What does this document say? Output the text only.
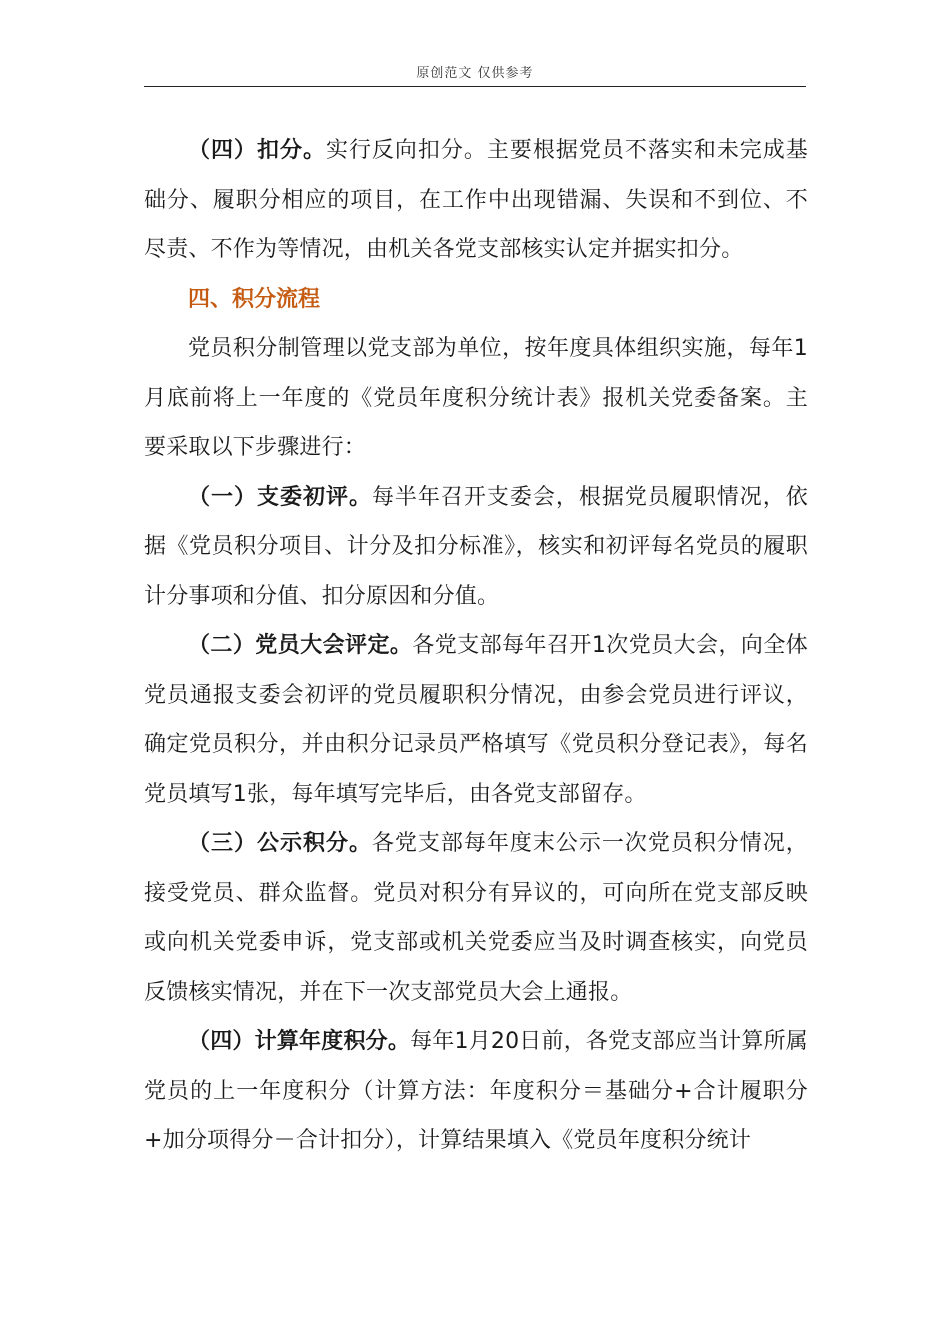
原创范文 仅供参考

（四）扣分。实行反向扣分。主要根据党员不落实和未完成基础分、履职分相应的项目，在工作中出现错漏、失误和不到位、不尽责、不作为等情况，由机关各党支部核实认定并据实扣分。

四、积分流程

党员积分制管理以党支部为单位，按年度具体组织实施，每年1月底前将上一年度的《党员年度积分统计表》报机关党委备案。主要采取以下步骤进行：

（一）支委初评。每半年召开支委会，根据党员履职情况，依据《党员积分项目、计分及扣分标准》，核实和初评每名党员的履职计分事项和分值、扣分原因和分值。

（二）党员大会评定。各党支部每年召开1次党员大会，向全体党员通报支委会初评的党员履职积分情况，由参会党员进行评议，确定党员积分，并由积分记录员严格填写《党员积分登记表》，每名党员填写1张，每年填写完毕后，由各党支部留存。

（三）公示积分。各党支部每年度末公示一次党员积分情况，接受党员、群众监督。党员对积分有异议的，可向所在党支部反映或向机关党委申诉，党支部或机关党委应当及时调查核实，向党员反馈核实情况，并在下一次支部党员大会上通报。

（四）计算年度积分。每年1月20日前，各党支部应当计算所属党员的上一年度积分（计算方法：年度积分＝基础分+合计履职分+加分项得分－合计扣分），计算结果填入《党员年度积分统计
